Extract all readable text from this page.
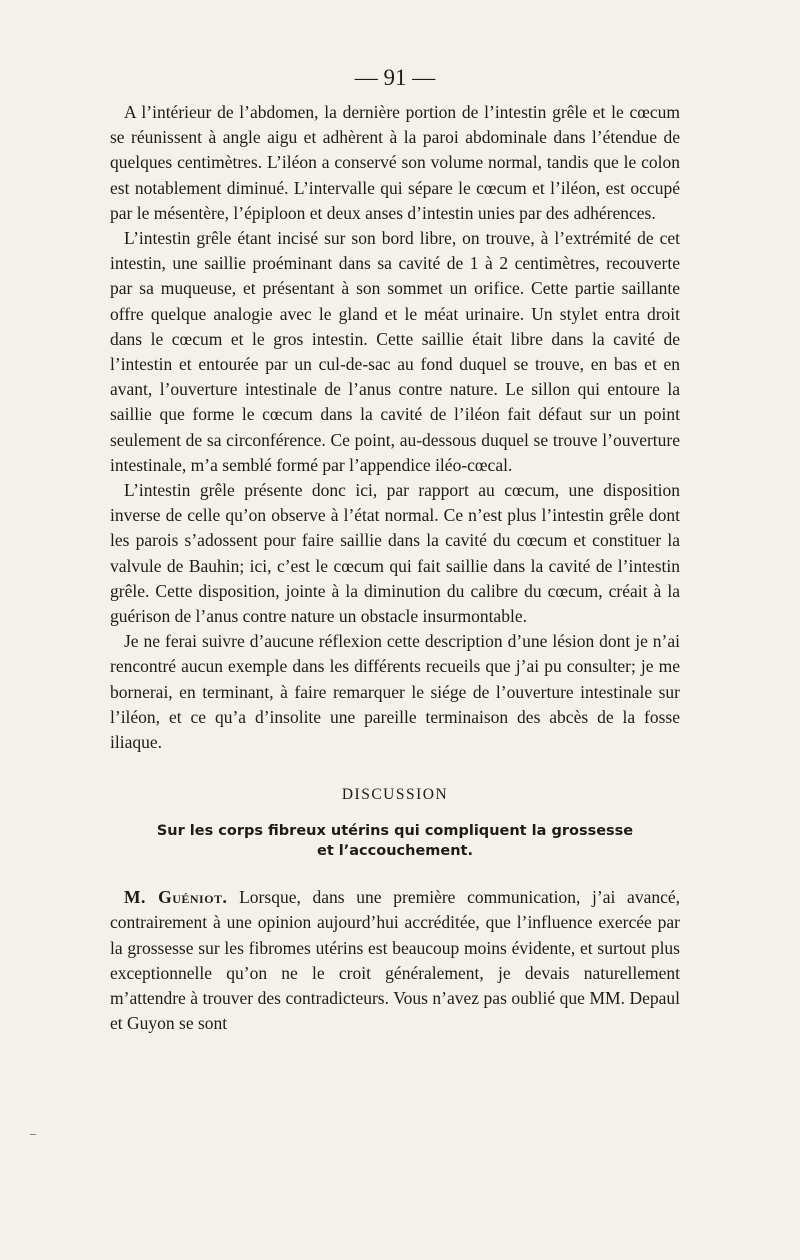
— 91 —

A l’intérieur de l’abdomen, la dernière portion de l’intestin grêle et le cœcum se réunissent à angle aigu et adhèrent à la paroi abdominale dans l’étendue de quelques centimètres. L’iléon a conservé son volume normal, tandis que le colon est notablement diminué. L’intervalle qui sépare le cœcum et l’iléon, est occupé par le mésentère, l’épiploon et deux anses d’intestin unies par des adhérences.

L’intestin grêle étant incisé sur son bord libre, on trouve, à l’extrémité de cet intestin, une saillie proéminant dans sa cavité de 1 à 2 centimètres, recouverte par sa muqueuse, et présentant à son sommet un orifice. Cette partie saillante offre quelque analogie avec le gland et le méat urinaire. Un stylet entra droit dans le cœcum et le gros intestin. Cette saillie était libre dans la cavité de l’intestin et entourée par un cul-de-sac au fond duquel se trouve, en bas et en avant, l’ouverture intestinale de l’anus contre nature. Le sillon qui entoure la saillie que forme le cœcum dans la cavité de l’iléon fait défaut sur un point seulement de sa circonférence. Ce point, au-dessous duquel se trouve l’ouverture intestinale, m’a semblé formé par l’appendice iléo-cœcal.

L’intestin grêle présente donc ici, par rapport au cœcum, une disposition inverse de celle qu’on observe à l’état normal. Ce n’est plus l’intestin grêle dont les parois s’adossent pour faire saillie dans la cavité du cœcum et constituer la valvule de Bauhin; ici, c’est le cœcum qui fait saillie dans la cavité de l’intestin grêle. Cette disposition, jointe à la diminution du calibre du cœcum, créait à la guérison de l’anus contre nature un obstacle insurmontable.

Je ne ferai suivre d’aucune réflexion cette description d’une lésion dont je n’ai rencontré aucun exemple dans les différents recueils que j’ai pu consulter; je me bornerai, en terminant, à faire remarquer le siége de l’ouverture intestinale sur l’iléon, et ce qu’a d’insolite une pareille terminaison des abcès de la fosse iliaque.

DISCUSSION
Sur les corps fibreux utérins qui compliquent la grossesse
et l’accouchement.

M. Guéniot. Lorsque, dans une première communication, j’ai avancé, contrairement à une opinion aujourd’hui accréditée, que l’influence exercée par la grossesse sur les fibromes utérins est beaucoup moins évidente, et surtout plus exceptionnelle qu’on ne le croit généralement, je devais naturellement m’attendre à trouver des contradicteurs. Vous n’avez pas oublié que MM. Depaul et Guyon se sont
